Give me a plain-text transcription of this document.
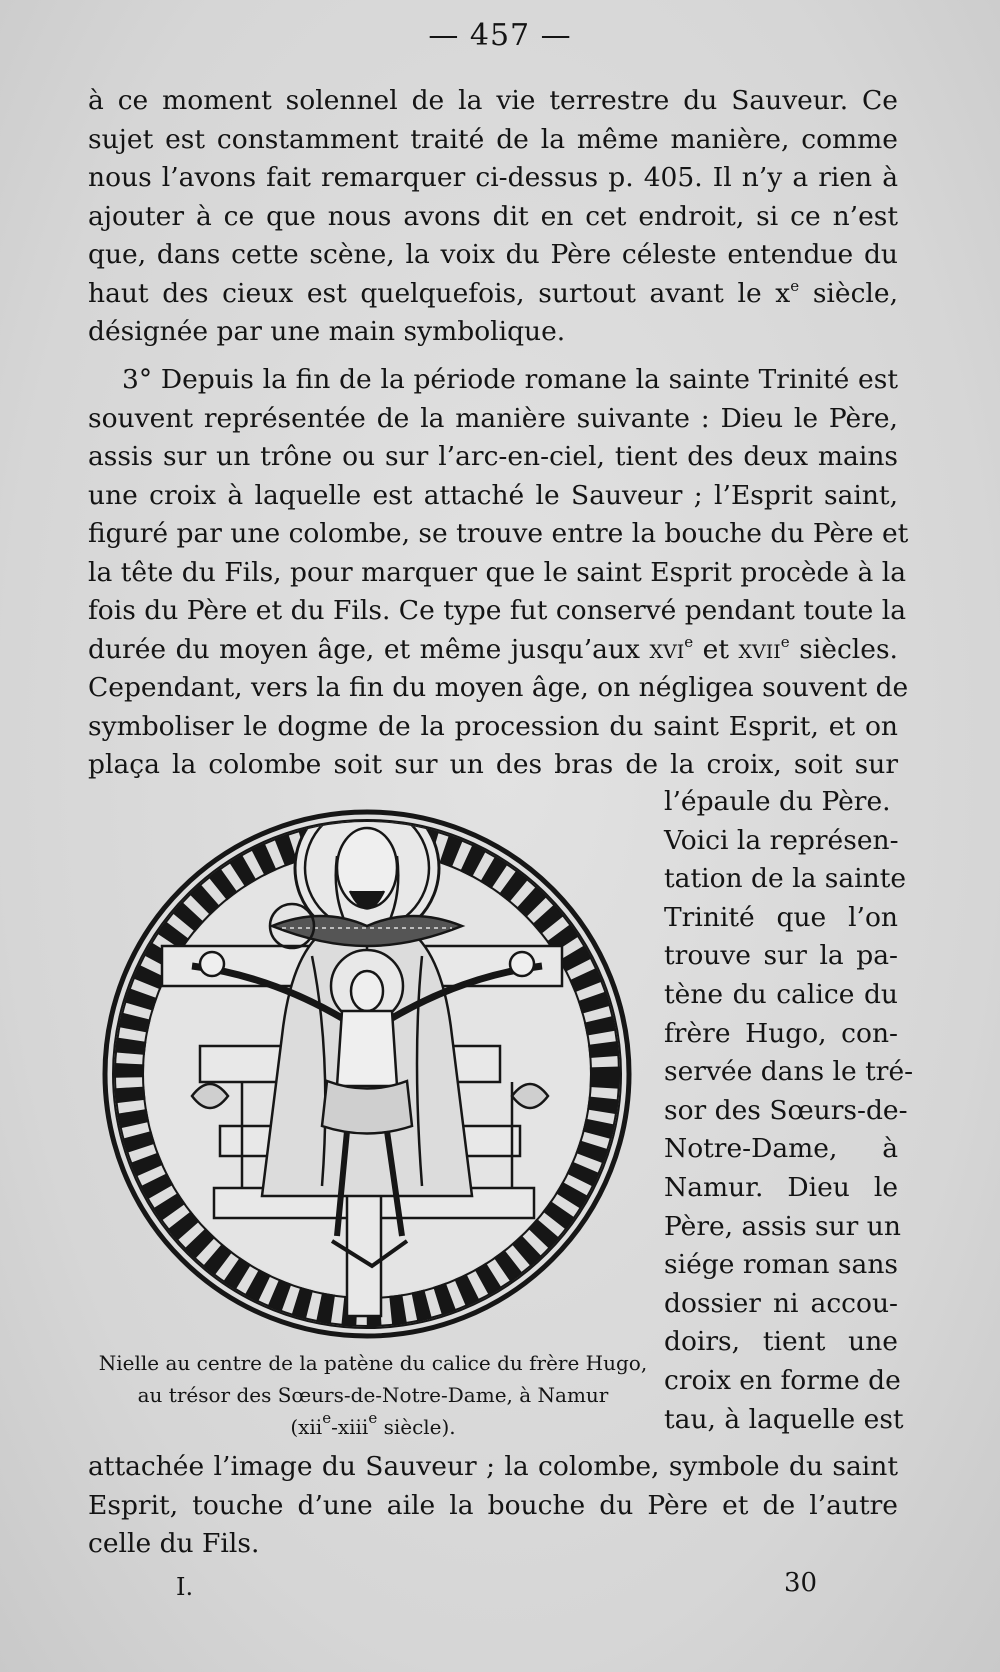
— 457 —
à ce moment solennel de la vie terrestre du Sauveur. Ce
sujet est constamment traité de la même manière, comme
nous l’avons fait remarquer ci-dessus p. 405. Il n’y a rien à
ajouter à ce que nous avons dit en cet endroit, si ce n’est
que, dans cette scène, la voix du Père céleste entendue du
haut des cieux est quelquefois, surtout avant le $x^e$ siècle,
désignée par une main symbolique.
3° Depuis la fin de la période romane la sainte Trinité est
souvent représentée de la manière suivante : Dieu le Père,
assis sur un trône ou sur l’arc-en-ciel, tient des deux mains
une croix à laquelle est attaché le Sauveur ; l’Esprit saint,
figuré par une colombe, se trouve entre la bouche du Père et
la tête du Fils, pour marquer que le saint Esprit procède à la
fois du Père et du Fils. Ce type fut conservé pendant toute la
durée du moyen âge, et même jusqu’aux xvi$^e$ et xvii$^e$ siècles.
Cependant, vers la fin du moyen âge, on négligea souvent de
symboliser le dogme de la procession du saint Esprit, et on
plaça la colombe soit sur un des bras de la croix, soit sur
l’épaule du Père.
Voici la représen-
tation de la sainte
Trinité que l’on
trouve sur la pa-
tène du calice du
frère Hugo, con-
servée dans le tré-
sor des Sœurs-de-
Notre-Dame, à
Namur. Dieu le
Père, assis sur un
siége roman sans
dossier ni accou-
doirs, tient une
croix en forme de
tau, à laquelle est
Nielle au centre de la patène du calice du frère Hugo,
au trésor des Sœurs-de-Notre-Dame, à Namur
(xii$^e$-xiii$^e$ siècle).
attachée l’image du Sauveur ; la colombe, symbole du saint
Esprit, touche d’une aile la bouche du Père et de l’autre
celle du Fils.
I.	30
